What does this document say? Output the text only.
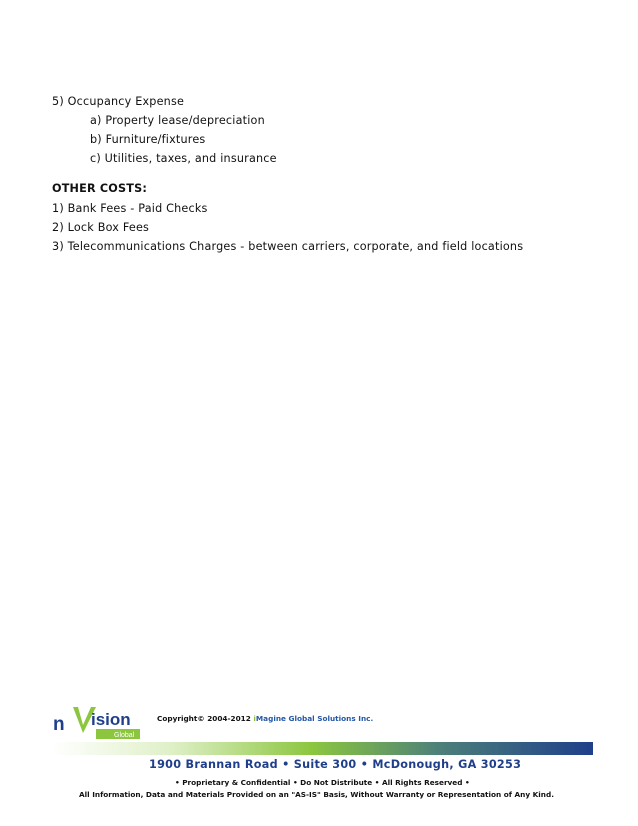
5) Occupancy Expense
a) Property lease/depreciation
b) Furniture/fixtures
c) Utilities, taxes, and insurance
OTHER COSTS:
1) Bank Fees - Paid Checks
2) Lock Box Fees
3) Telecommunications Charges - between carriers, corporate, and field locations
n ision
Global
Copyright© 2004-2012 iMagine Global Solutions Inc.
1900 Brannan Road • Suite 300 • McDonough, GA 30253
• Proprietary & Confidential • Do Not Distribute • All Rights Reserved •
All Information, Data and Materials Provided on an "AS-IS" Basis, Without Warranty or Representation of Any Kind.
